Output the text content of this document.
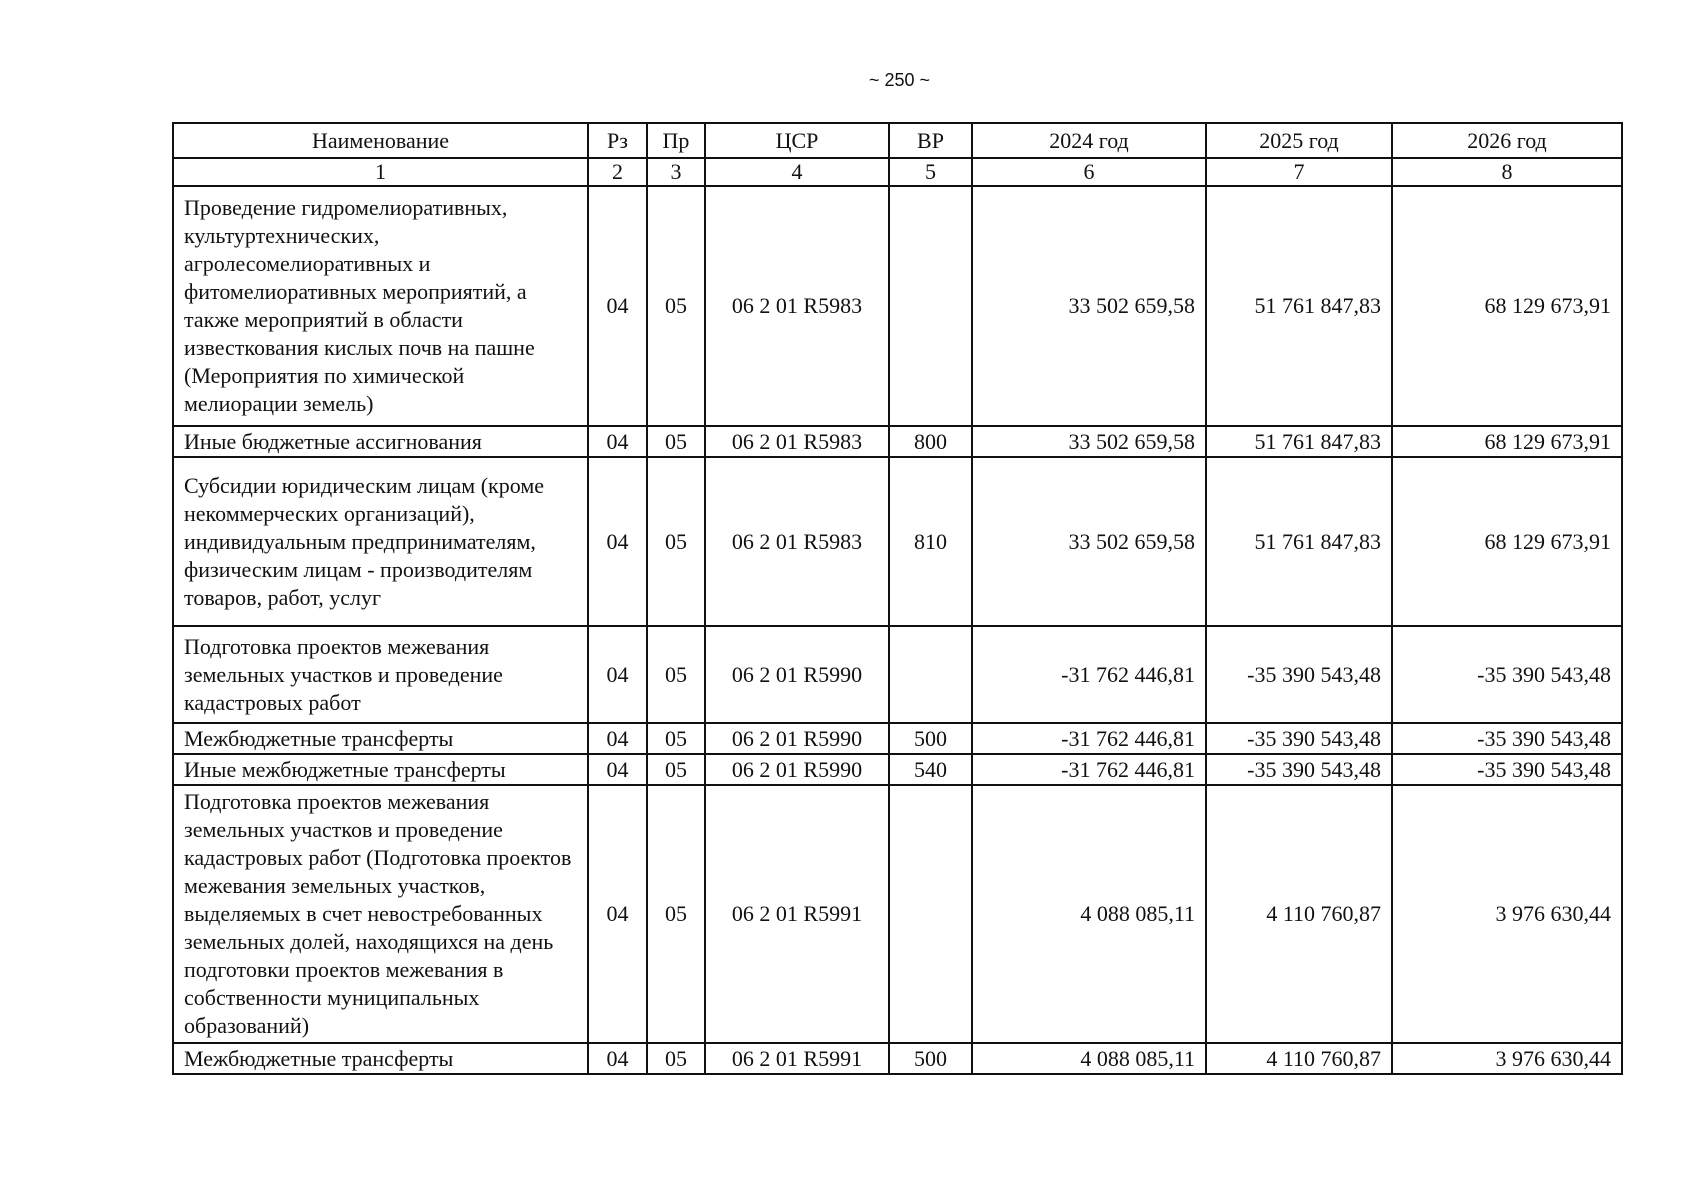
~ 250 ~
Наименование	Рз	Пр	ЦСР	ВР	2024 год	2025 год	2026 год
1	2	3	4	5	6	7	8
Проведение гидромелиоративных, культуртехнических, агролесомелиоративных и фитомелиоративных мероприятий, а также мероприятий в области известкования кислых почв на пашне (Мероприятия по химической мелиорации земель)	04	05	06 2 01 R5983		33 502 659,58	51 761 847,83	68 129 673,91
Иные бюджетные ассигнования	04	05	06 2 01 R5983	800	33 502 659,58	51 761 847,83	68 129 673,91
Субсидии юридическим лицам (кроме некоммерческих организаций), индивидуальным предпринимателям, физическим лицам - производителям товаров, работ, услуг	04	05	06 2 01 R5983	810	33 502 659,58	51 761 847,83	68 129 673,91
Подготовка проектов межевания земельных участков и проведение кадастровых работ	04	05	06 2 01 R5990		-31 762 446,81	-35 390 543,48	-35 390 543,48
Межбюджетные трансферты	04	05	06 2 01 R5990	500	-31 762 446,81	-35 390 543,48	-35 390 543,48
Иные межбюджетные трансферты	04	05	06 2 01 R5990	540	-31 762 446,81	-35 390 543,48	-35 390 543,48
Подготовка проектов межевания земельных участков и проведение кадастровых работ (Подготовка проектов межевания земельных участков, выделяемых в счет невостребованных земельных долей, находящихся на день подготовки проектов межевания в собственности муниципальных образований)	04	05	06 2 01 R5991		4 088 085,11	4 110 760,87	3 976 630,44
Межбюджетные трансферты	04	05	06 2 01 R5991	500	4 088 085,11	4 110 760,87	3 976 630,44
